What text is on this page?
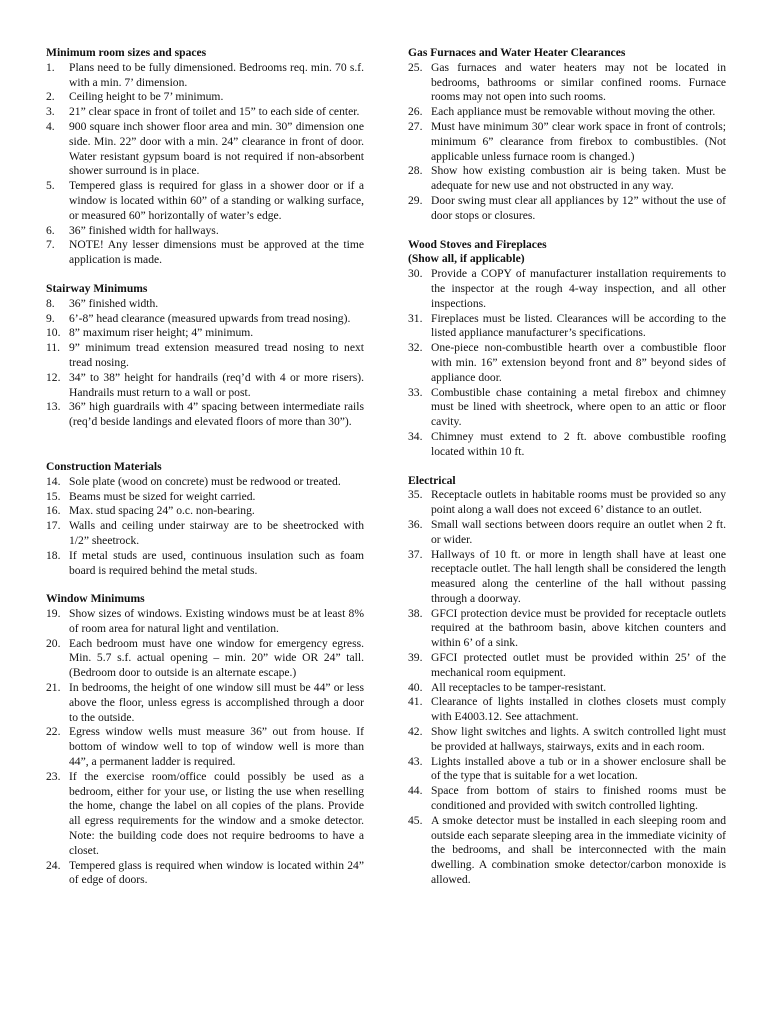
Minimum room sizes and spaces
1. Plans need to be fully dimensioned. Bedrooms req. min. 70 s.f. with a min. 7’ dimension.
2. Ceiling height to be 7’ minimum.
3. 21” clear space in front of toilet and 15” to each side of center.
4. 900 square inch shower floor area and min. 30” dimension one side. Min. 22” door with a min. 24” clearance in front of door. Water resistant gypsum board is not required if non-absorbent shower surround is in place.
5. Tempered glass is required for glass in a shower door or if a window is located within 60” of a standing or walking surface, or measured 60” horizontally of water’s edge.
6. 36” finished width for hallways.
7. NOTE! Any lesser dimensions must be approved at the time application is made.
Stairway Minimums
8. 36” finished width.
9. 6’-8” head clearance (measured upwards from tread nosing).
10. 8” maximum riser height; 4” minimum.
11. 9” minimum tread extension measured tread nosing to next tread nosing.
12. 34” to 38” height for handrails (req’d with 4 or more risers). Handrails must return to a wall or post.
13. 36” high guardrails with 4” spacing between intermediate rails (req’d beside landings and elevated floors of more than 30”).
Construction Materials
14. Sole plate (wood on concrete) must be redwood or treated.
15. Beams must be sized for weight carried.
16. Max. stud spacing 24” o.c. non-bearing.
17. Walls and ceiling under stairway are to be sheetrocked with 1/2” sheetrock.
18. If metal studs are used, continuous insulation such as foam board is required behind the metal studs.
Window Minimums
19. Show sizes of windows. Existing windows must be at least 8% of room area for natural light and ventilation.
20. Each bedroom must have one window for emergency egress. Min. 5.7 s.f. actual opening – min. 20” wide OR 24” tall. (Bedroom door to outside is an alternate escape.)
21. In bedrooms, the height of one window sill must be 44” or less above the floor, unless egress is accomplished through a door to the outside.
22. Egress window wells must measure 36” out from house. If bottom of window well to top of window well is more than 44”, a permanent ladder is required.
23. If the exercise room/office could possibly be used as a bedroom, either for your use, or listing the use when reselling the home, change the label on all copies of the plans. Provide all egress requirements for the window and a smoke detector. Note: the building code does not require bedrooms to have a closet.
24. Tempered glass is required when window is located within 24” of edge of doors.
Gas Furnaces and Water Heater Clearances
25. Gas furnaces and water heaters may not be located in bedrooms, bathrooms or similar confined rooms. Furnace rooms may not open into such rooms.
26. Each appliance must be removable without moving the other.
27. Must have minimum 30” clear work space in front of controls; minimum 6” clearance from firebox to combustibles. (Not applicable unless furnace room is changed.)
28. Show how existing combustion air is being taken. Must be adequate for new use and not obstructed in any way.
29. Door swing must clear all appliances by 12” without the use of door stops or closures.
Wood Stoves and Fireplaces
(Show all, if applicable)
30. Provide a COPY of manufacturer installation requirements to the inspector at the rough 4-way inspection, and all other inspections.
31. Fireplaces must be listed. Clearances will be according to the listed appliance manufacturer’s specifications.
32. One-piece non-combustible hearth over a combustible floor with min. 16” extension beyond front and 8” beyond sides of appliance door.
33. Combustible chase containing a metal firebox and chimney must be lined with sheetrock, where open to an attic or floor cavity.
34. Chimney must extend to 2 ft. above combustible roofing located within 10 ft.
Electrical
35. Receptacle outlets in habitable rooms must be provided so any point along a wall does not exceed 6’ distance to an outlet.
36. Small wall sections between doors require an outlet when 2 ft. or wider.
37. Hallways of 10 ft. or more in length shall have at least one receptacle outlet. The hall length shall be considered the length measured along the centerline of the hall without passing through a doorway.
38. GFCI protection device must be provided for receptacle outlets required at the bathroom basin, above kitchen counters and within 6’ of a sink.
39. GFCI protected outlet must be provided within 25’ of the mechanical room equipment.
40. All receptacles to be tamper-resistant.
41. Clearance of lights installed in clothes closets must comply with E4003.12. See attachment.
42. Show light switches and lights. A switch controlled light must be provided at hallways, stairways, exits and in each room.
43. Lights installed above a tub or in a shower enclosure shall be of the type that is suitable for a wet location.
44. Space from bottom of stairs to finished rooms must be conditioned and provided with switch controlled lighting.
45. A smoke detector must be installed in each sleeping room and outside each separate sleeping area in the immediate vicinity of the bedrooms, and shall be interconnected with the main dwelling. A combination smoke detector/carbon monoxide is allowed.
